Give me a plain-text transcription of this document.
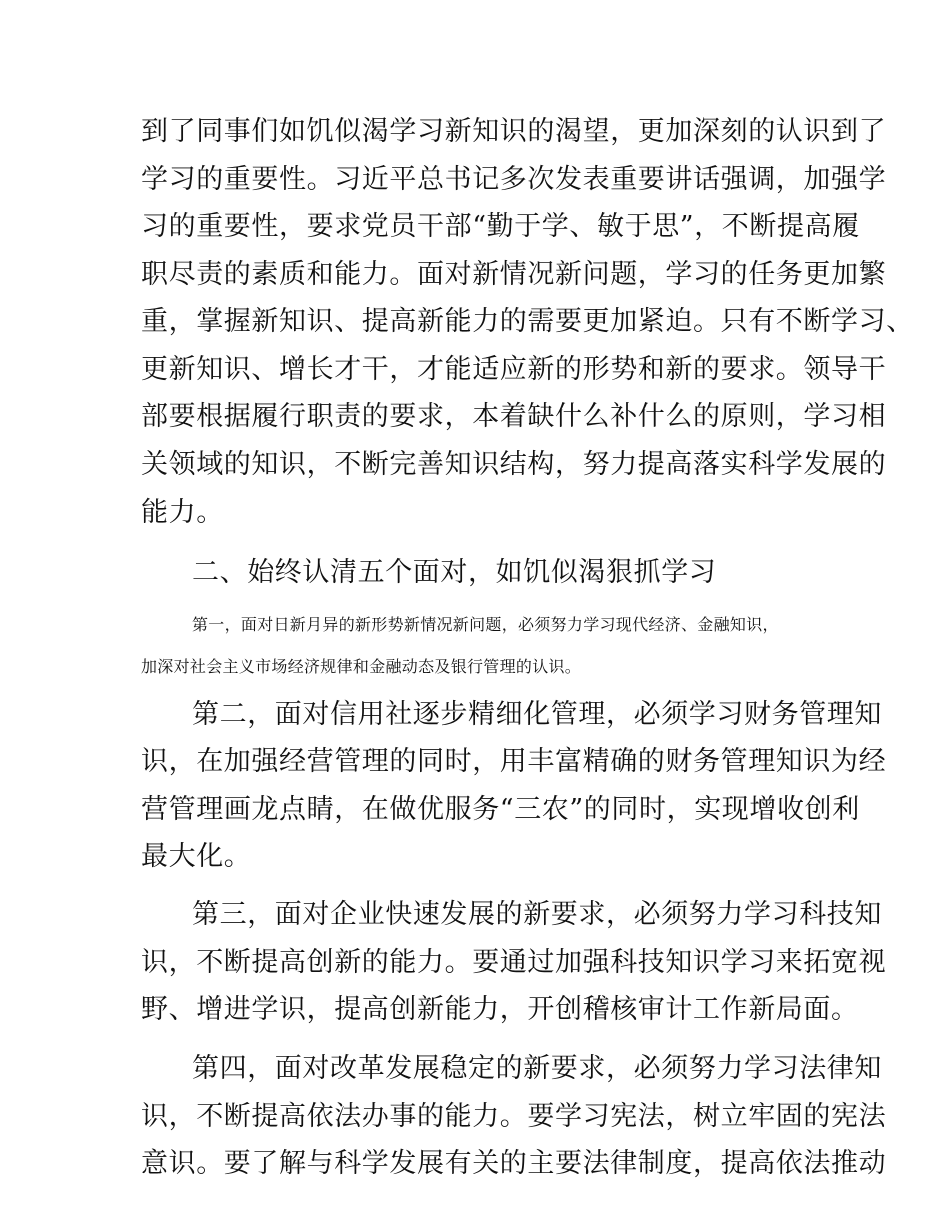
到了同事们如饥似渴学习新知识的渴望，更加深刻的认识到了
学习的重要性。习近平总书记多次发表重要讲话强调，加强学
习的重要性，要求党员干部“勤于学、敏于思”，不断提高履
职尽责的素质和能力。面对新情况新问题，学习的任务更加繁
重，掌握新知识、提高新能力的需要更加紧迫。只有不断学习、
更新知识、增长才干，才能适应新的形势和新的要求。领导干
部要根据履行职责的要求，本着缺什么补什么的原则，学习相
关领域的知识，不断完善知识结构，努力提高落实科学发展的
能力。
二、始终认清五个面对，如饥似渴狠抓学习
第一，面对日新月异的新形势新情况新问题，必须努力学习现代经济、金融知识，
加深对社会主义市场经济规律和金融动态及银行管理的认识。
第二，面对信用社逐步精细化管理，必须学习财务管理知
识，在加强经营管理的同时，用丰富精确的财务管理知识为经
营管理画龙点睛，在做优服务“三农”的同时，实现增收创利
最大化。
第三，面对企业快速发展的新要求，必须努力学习科技知
识，不断提高创新的能力。要通过加强科技知识学习来拓宽视
野、增进学识，提高创新能力，开创稽核审计工作新局面。
第四，面对改革发展稳定的新要求，必须努力学习法律知
识，不断提高依法办事的能力。要学习宪法，树立牢固的宪法
意识。要了解与科学发展有关的主要法律制度，提高依法推动
